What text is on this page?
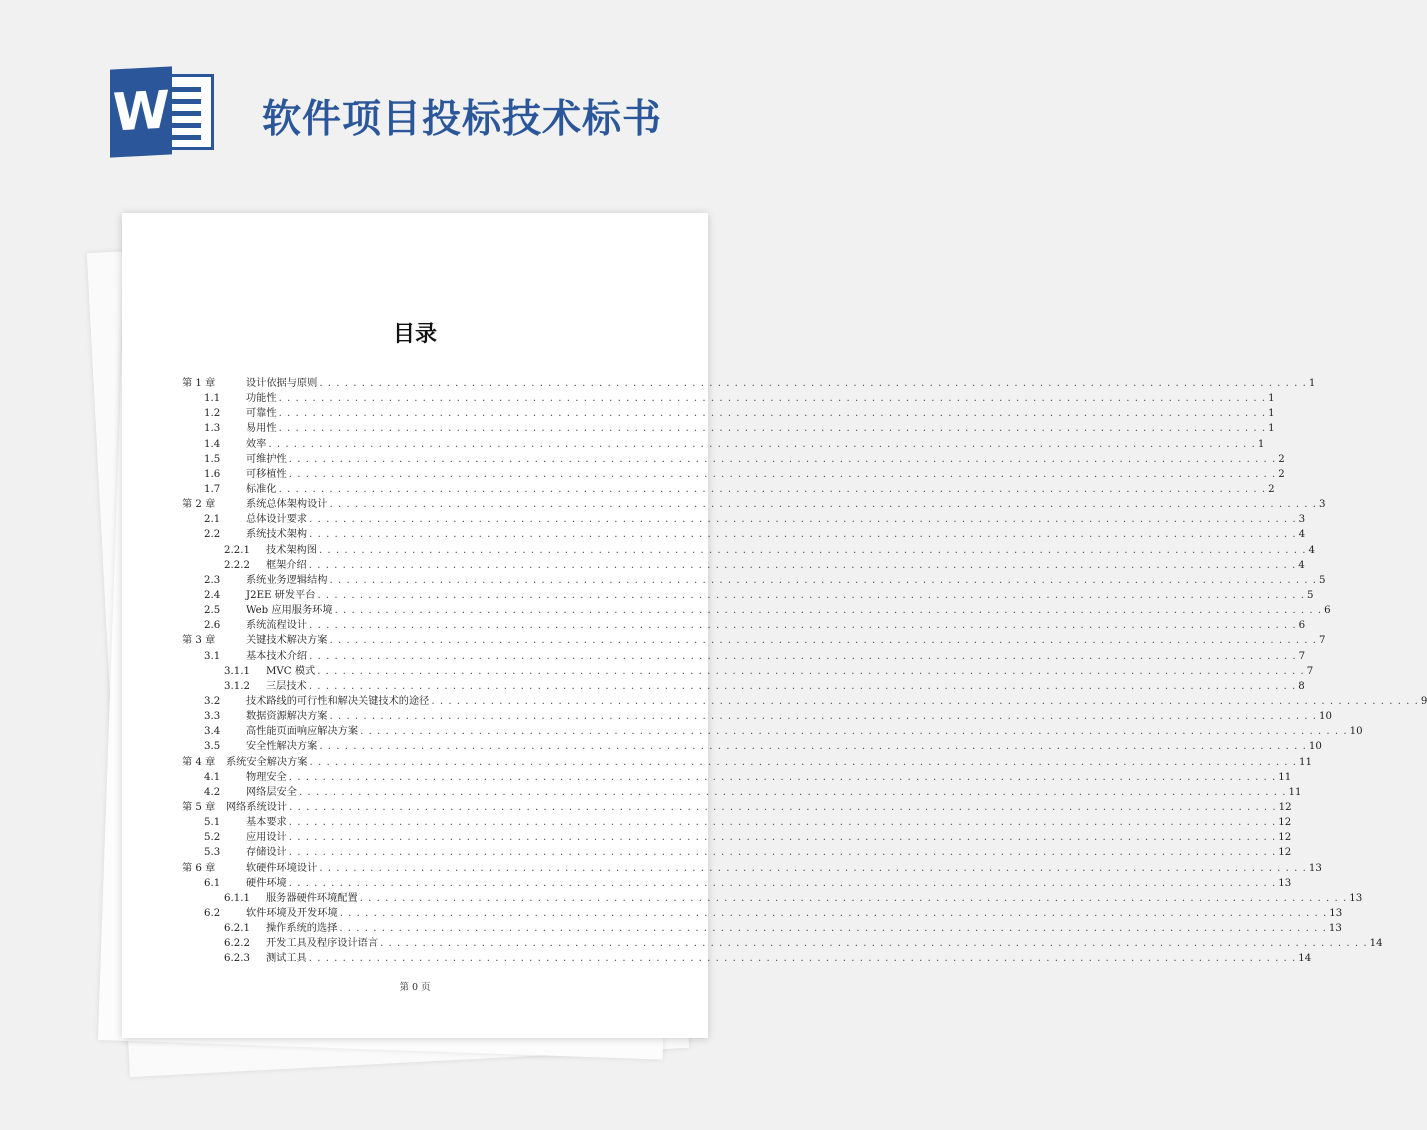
W 软件项目投标技术标书
目录
第 1 章	设计依据与原则 . . . . . . . . . . . . . . . . . . . . . . . . . . . . . . . . . . . . . . . . . . . . . . . . . . . . . . . . . . . . . . . . . . . . . . . . . . . . . . . . . . . . . . . . . . . . . . . . . . . . . . . . . . . . . . . . . . . . . 1
1.1	功能性 . . . . . . . . . . . . . . . . . . . . . . . . . . . . . . . . . . . . . . . . . . . . . . . . . . . . . . . . . . . . . . . . . . . . . . . . . . . . . . . . . . . . . . . . . . . . . . . . . . . . . . . . . . . . . . . . . . . . . 1
1.2	可靠性 . . . . . . . . . . . . . . . . . . . . . . . . . . . . . . . . . . . . . . . . . . . . . . . . . . . . . . . . . . . . . . . . . . . . . . . . . . . . . . . . . . . . . . . . . . . . . . . . . . . . . . . . . . . . . . . . . . . . . 1
1.3	易用性 . . . . . . . . . . . . . . . . . . . . . . . . . . . . . . . . . . . . . . . . . . . . . . . . . . . . . . . . . . . . . . . . . . . . . . . . . . . . . . . . . . . . . . . . . . . . . . . . . . . . . . . . . . . . . . . . . . . . . 1
1.4	效率 . . . . . . . . . . . . . . . . . . . . . . . . . . . . . . . . . . . . . . . . . . . . . . . . . . . . . . . . . . . . . . . . . . . . . . . . . . . . . . . . . . . . . . . . . . . . . . . . . . . . . . . . . . . . . . . . . . . . . 1
1.5	可维护性 . . . . . . . . . . . . . . . . . . . . . . . . . . . . . . . . . . . . . . . . . . . . . . . . . . . . . . . . . . . . . . . . . . . . . . . . . . . . . . . . . . . . . . . . . . . . . . . . . . . . . . . . . . . . . . . . . . . . . 2
1.6	可移植性 . . . . . . . . . . . . . . . . . . . . . . . . . . . . . . . . . . . . . . . . . . . . . . . . . . . . . . . . . . . . . . . . . . . . . . . . . . . . . . . . . . . . . . . . . . . . . . . . . . . . . . . . . . . . . . . . . . . . . 2
1.7	标准化 . . . . . . . . . . . . . . . . . . . . . . . . . . . . . . . . . . . . . . . . . . . . . . . . . . . . . . . . . . . . . . . . . . . . . . . . . . . . . . . . . . . . . . . . . . . . . . . . . . . . . . . . . . . . . . . . . . . . . 2
第 2 章	系统总体架构设计 . . . . . . . . . . . . . . . . . . . . . . . . . . . . . . . . . . . . . . . . . . . . . . . . . . . . . . . . . . . . . . . . . . . . . . . . . . . . . . . . . . . . . . . . . . . . . . . . . . . . . . . . . . . . . . . . . . . . . 3
2.1	总体设计要求 . . . . . . . . . . . . . . . . . . . . . . . . . . . . . . . . . . . . . . . . . . . . . . . . . . . . . . . . . . . . . . . . . . . . . . . . . . . . . . . . . . . . . . . . . . . . . . . . . . . . . . . . . . . . . . . . . . . . . 3
2.2	系统技术架构 . . . . . . . . . . . . . . . . . . . . . . . . . . . . . . . . . . . . . . . . . . . . . . . . . . . . . . . . . . . . . . . . . . . . . . . . . . . . . . . . . . . . . . . . . . . . . . . . . . . . . . . . . . . . . . . . . . . . . 4
2.2.1 技术架构图 . . . . . . . . . . . . . . . . . . . . . . . . . . . . . . . . . . . . . . . . . . . . . . . . . . . . . . . . . . . . . . . . . . . . . . . . . . . . . . . . . . . . . . . . . . . . . . . . . . . . . . . . . . . . . . . . . . . . . 4
2.2.2 框架介绍 . . . . . . . . . . . . . . . . . . . . . . . . . . . . . . . . . . . . . . . . . . . . . . . . . . . . . . . . . . . . . . . . . . . . . . . . . . . . . . . . . . . . . . . . . . . . . . . . . . . . . . . . . . . . . . . . . . . . . 4
2.3	系统业务逻辑结构 . . . . . . . . . . . . . . . . . . . . . . . . . . . . . . . . . . . . . . . . . . . . . . . . . . . . . . . . . . . . . . . . . . . . . . . . . . . . . . . . . . . . . . . . . . . . . . . . . . . . . . . . . . . . . . . . . . . . . 5
2.4	J2EE 研发平台 . . . . . . . . . . . . . . . . . . . . . . . . . . . . . . . . . . . . . . . . . . . . . . . . . . . . . . . . . . . . . . . . . . . . . . . . . . . . . . . . . . . . . . . . . . . . . . . . . . . . . . . . . . . . . . . . . . . . . 5
2.5	Web 应用服务环境 . . . . . . . . . . . . . . . . . . . . . . . . . . . . . . . . . . . . . . . . . . . . . . . . . . . . . . . . . . . . . . . . . . . . . . . . . . . . . . . . . . . . . . . . . . . . . . . . . . . . . . . . . . . . . . . . . . . . . 6
2.6	系统流程设计 . . . . . . . . . . . . . . . . . . . . . . . . . . . . . . . . . . . . . . . . . . . . . . . . . . . . . . . . . . . . . . . . . . . . . . . . . . . . . . . . . . . . . . . . . . . . . . . . . . . . . . . . . . . . . . . . . . . . . 6
第 3 章	关键技术解决方案 . . . . . . . . . . . . . . . . . . . . . . . . . . . . . . . . . . . . . . . . . . . . . . . . . . . . . . . . . . . . . . . . . . . . . . . . . . . . . . . . . . . . . . . . . . . . . . . . . . . . . . . . . . . . . . . . . . . . . 7
3.1	基本技术介绍 . . . . . . . . . . . . . . . . . . . . . . . . . . . . . . . . . . . . . . . . . . . . . . . . . . . . . . . . . . . . . . . . . . . . . . . . . . . . . . . . . . . . . . . . . . . . . . . . . . . . . . . . . . . . . . . . . . . . . 7
3.1.1 MVC 模式 . . . . . . . . . . . . . . . . . . . . . . . . . . . . . . . . . . . . . . . . . . . . . . . . . . . . . . . . . . . . . . . . . . . . . . . . . . . . . . . . . . . . . . . . . . . . . . . . . . . . . . . . . . . . . . . . . . . . . 7
3.1.2 三层技术 . . . . . . . . . . . . . . . . . . . . . . . . . . . . . . . . . . . . . . . . . . . . . . . . . . . . . . . . . . . . . . . . . . . . . . . . . . . . . . . . . . . . . . . . . . . . . . . . . . . . . . . . . . . . . . . . . . . . . 8
3.2	技术路线的可行性和解决关键技术的途径 . . . . . . . . . . . . . . . . . . . . . . . . . . . . . . . . . . . . . . . . . . . . . . . . . . . . . . . . . . . . . . . . . . . . . . . . . . . . . . . . . . . . . . . . . . . . . . . . . . . . . . . . . . . . . . . . . . . . . 9
3.3	数据资源解决方案 . . . . . . . . . . . . . . . . . . . . . . . . . . . . . . . . . . . . . . . . . . . . . . . . . . . . . . . . . . . . . . . . . . . . . . . . . . . . . . . . . . . . . . . . . . . . . . . . . . . . . . . . . . . . . . . . . . . . . 10
3.4	高性能页面响应解决方案 . . . . . . . . . . . . . . . . . . . . . . . . . . . . . . . . . . . . . . . . . . . . . . . . . . . . . . . . . . . . . . . . . . . . . . . . . . . . . . . . . . . . . . . . . . . . . . . . . . . . . . . . . . . . . . . . . . . . . 10
3.5	安全性解决方案 . . . . . . . . . . . . . . . . . . . . . . . . . . . . . . . . . . . . . . . . . . . . . . . . . . . . . . . . . . . . . . . . . . . . . . . . . . . . . . . . . . . . . . . . . . . . . . . . . . . . . . . . . . . . . . . . . . . . . 10
第 4 章 系统安全解决方案 . . . . . . . . . . . . . . . . . . . . . . . . . . . . . . . . . . . . . . . . . . . . . . . . . . . . . . . . . . . . . . . . . . . . . . . . . . . . . . . . . . . . . . . . . . . . . . . . . . . . . . . . . . . . . . . . . . . . . 11
4.1	物理安全 . . . . . . . . . . . . . . . . . . . . . . . . . . . . . . . . . . . . . . . . . . . . . . . . . . . . . . . . . . . . . . . . . . . . . . . . . . . . . . . . . . . . . . . . . . . . . . . . . . . . . . . . . . . . . . . . . . . . . 11
4.2	网络层安全 . . . . . . . . . . . . . . . . . . . . . . . . . . . . . . . . . . . . . . . . . . . . . . . . . . . . . . . . . . . . . . . . . . . . . . . . . . . . . . . . . . . . . . . . . . . . . . . . . . . . . . . . . . . . . . . . . . . . . 11
第 5 章 网络系统设计 . . . . . . . . . . . . . . . . . . . . . . . . . . . . . . . . . . . . . . . . . . . . . . . . . . . . . . . . . . . . . . . . . . . . . . . . . . . . . . . . . . . . . . . . . . . . . . . . . . . . . . . . . . . . . . . . . . . . . 12
5.1	基本要求 . . . . . . . . . . . . . . . . . . . . . . . . . . . . . . . . . . . . . . . . . . . . . . . . . . . . . . . . . . . . . . . . . . . . . . . . . . . . . . . . . . . . . . . . . . . . . . . . . . . . . . . . . . . . . . . . . . . . . 12
5.2	应用设计 . . . . . . . . . . . . . . . . . . . . . . . . . . . . . . . . . . . . . . . . . . . . . . . . . . . . . . . . . . . . . . . . . . . . . . . . . . . . . . . . . . . . . . . . . . . . . . . . . . . . . . . . . . . . . . . . . . . . . 12
5.3	存储设计 . . . . . . . . . . . . . . . . . . . . . . . . . . . . . . . . . . . . . . . . . . . . . . . . . . . . . . . . . . . . . . . . . . . . . . . . . . . . . . . . . . . . . . . . . . . . . . . . . . . . . . . . . . . . . . . . . . . . . 12
第 6 章	软硬件环境设计 . . . . . . . . . . . . . . . . . . . . . . . . . . . . . . . . . . . . . . . . . . . . . . . . . . . . . . . . . . . . . . . . . . . . . . . . . . . . . . . . . . . . . . . . . . . . . . . . . . . . . . . . . . . . . . . . . . . . . 13
6.1	硬件环境 . . . . . . . . . . . . . . . . . . . . . . . . . . . . . . . . . . . . . . . . . . . . . . . . . . . . . . . . . . . . . . . . . . . . . . . . . . . . . . . . . . . . . . . . . . . . . . . . . . . . . . . . . . . . . . . . . . . . . 13
6.1.1 服务器硬件环境配置 . . . . . . . . . . . . . . . . . . . . . . . . . . . . . . . . . . . . . . . . . . . . . . . . . . . . . . . . . . . . . . . . . . . . . . . . . . . . . . . . . . . . . . . . . . . . . . . . . . . . . . . . . . . . . . . . . . . . . 13
6.2	软件环境及开发环境 . . . . . . . . . . . . . . . . . . . . . . . . . . . . . . . . . . . . . . . . . . . . . . . . . . . . . . . . . . . . . . . . . . . . . . . . . . . . . . . . . . . . . . . . . . . . . . . . . . . . . . . . . . . . . . . . . . . . . 13
6.2.1 操作系统的选择 . . . . . . . . . . . . . . . . . . . . . . . . . . . . . . . . . . . . . . . . . . . . . . . . . . . . . . . . . . . . . . . . . . . . . . . . . . . . . . . . . . . . . . . . . . . . . . . . . . . . . . . . . . . . . . . . . . . . . 13
6.2.2 开发工具及程序设计语言 . . . . . . . . . . . . . . . . . . . . . . . . . . . . . . . . . . . . . . . . . . . . . . . . . . . . . . . . . . . . . . . . . . . . . . . . . . . . . . . . . . . . . . . . . . . . . . . . . . . . . . . . . . . . . . . . . . . . . 14
6.2.3 测试工具 . . . . . . . . . . . . . . . . . . . . . . . . . . . . . . . . . . . . . . . . . . . . . . . . . . . . . . . . . . . . . . . . . . . . . . . . . . . . . . . . . . . . . . . . . . . . . . . . . . . . . . . . . . . . . . . . . . . . . 14
第 0 页
